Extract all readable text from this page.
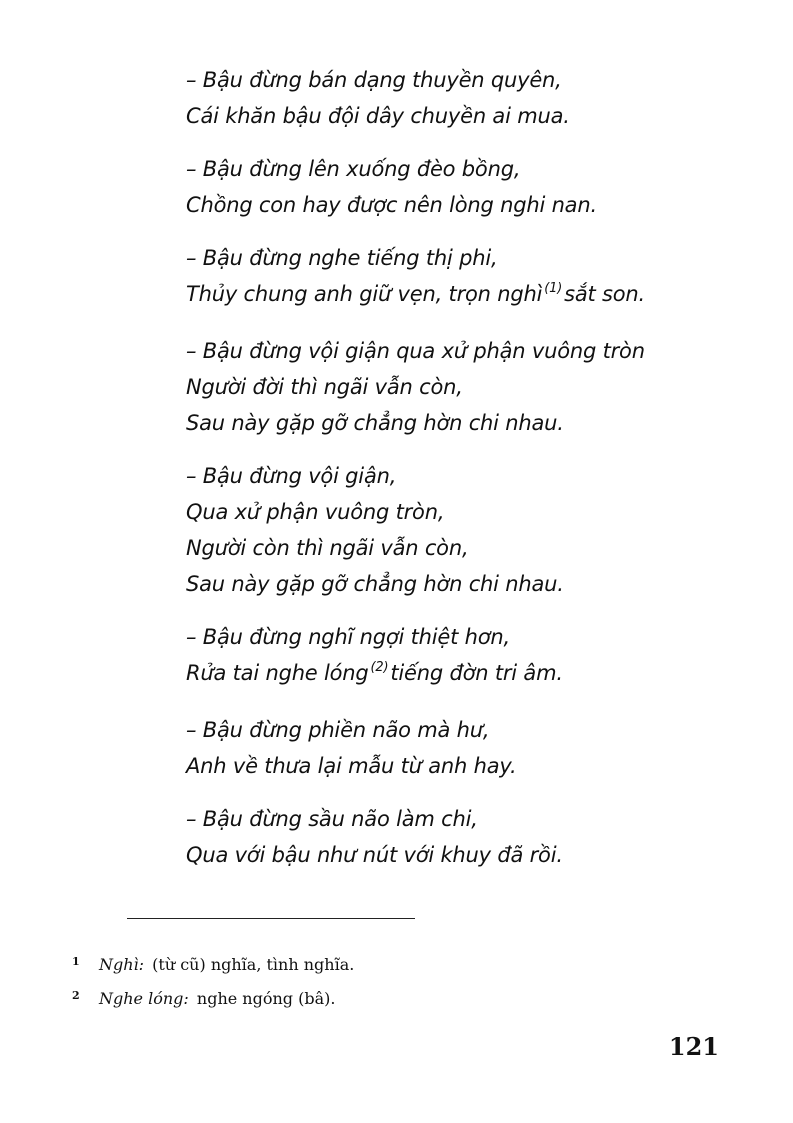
– Bậu đừng bán dạng thuyền quyên,
Cái khăn bậu đội dây chuyền ai mua.
– Bậu đừng lên xuống đèo bồng,
Chồng con hay được nên lòng nghi nan.
– Bậu đừng nghe tiếng thị phi,
Thủy chung anh giữ vẹn, trọn nghì $^{(1)}$sắt son.
– Bậu đừng vội giận qua xử phận vuông tròn
Người đời thì ngãi vẫn còn,
Sau này gặp gỡ chẳng hờn chi nhau.
– Bậu đừng vội giận,
Qua xử phận vuông tròn,
Người còn thì ngãi vẫn còn,
Sau này gặp gỡ chẳng hờn chi nhau.
– Bậu đừng nghĩ ngợi thiệt hơn,
Rửa tai nghe lóng $^{(2)}$tiếng đờn tri âm.
– Bậu đừng phiền não mà hư,
Anh về thưa lại mẫu từ anh hay.
– Bậu đừng sầu não làm chi,
Qua với bậu như nút với khuy đã rồi.
1 Nghì: (từ cũ) nghĩa, tình nghĩa.
2 Nghe lóng: nghe ngóng (bâ).
121
